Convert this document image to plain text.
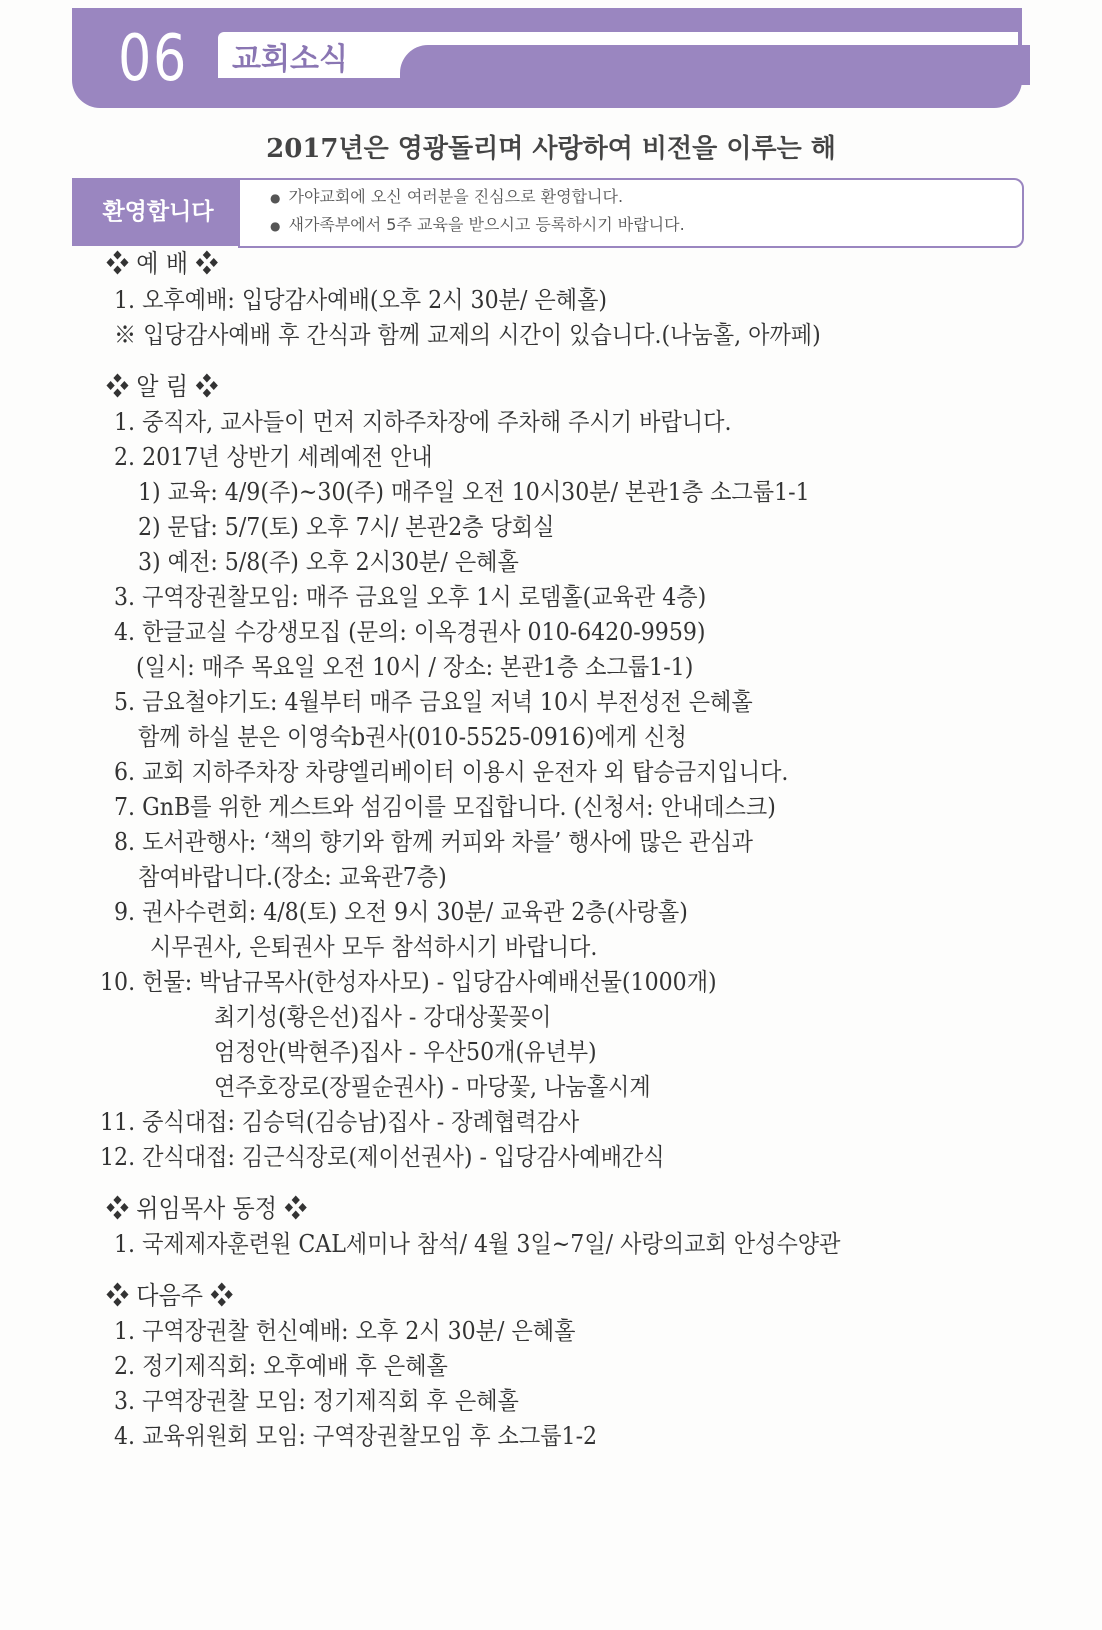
06 교회소식
2017년은 영광돌리며 사랑하여 비전을 이루는 해
환영합니다
● 가야교회에 오신 여러분을 진심으로 환영합니다.
● 새가족부에서 5주 교육을 받으시고 등록하시기 바랍니다.
❖ 예 배 ❖
1. 오후예배: 입당감사예배(오후 2시 30분/ 은혜홀)
※ 입당감사예배 후 간식과 함께 교제의 시간이 있습니다.(나눔홀, 아까페)
❖ 알 림 ❖
1. 중직자, 교사들이 먼저 지하주차장에 주차해 주시기 바랍니다.
2. 2017년 상반기 세례예전 안내
1) 교육: 4/9(주)~30(주) 매주일 오전 10시30분/ 본관1층 소그룹1-1
2) 문답: 5/7(토) 오후 7시/ 본관2층 당회실
3) 예전: 5/8(주) 오후 2시30분/ 은혜홀
3. 구역장권찰모임: 매주 금요일 오후 1시 로뎀홀(교육관 4층)
4. 한글교실 수강생모집 (문의: 이옥경권사 010-6420-9959)
(일시: 매주 목요일 오전 10시 / 장소: 본관1층 소그룹1-1)
5. 금요철야기도: 4월부터 매주 금요일 저녁 10시 부전성전 은혜홀
함께 하실 분은 이영숙b권사(010-5525-0916)에게 신청
6. 교회 지하주차장 차량엘리베이터 이용시 운전자 외 탑승금지입니다.
7. GnB를 위한 게스트와 섬김이를 모집합니다. (신청서: 안내데스크)
8. 도서관행사: ‘책의 향기와 함께 커피와 차를’ 행사에 많은 관심과
참여바랍니다.(장소: 교육관7층)
9. 권사수련회: 4/8(토) 오전 9시 30분/ 교육관 2층(사랑홀)
시무권사, 은퇴권사 모두 참석하시기 바랍니다.
10. 헌물: 박남규목사(한성자사모) - 입당감사예배선물(1000개)
최기성(황은선)집사 - 강대상꽃꽂이
엄정안(박현주)집사 - 우산50개(유년부)
연주호장로(장필순권사) - 마당꽃, 나눔홀시계
11. 중식대접: 김승덕(김승남)집사 - 장례협력감사
12. 간식대접: 김근식장로(제이선권사) - 입당감사예배간식
❖ 위임목사 동정 ❖
1. 국제제자훈련원 CAL세미나 참석/ 4월 3일~7일/ 사랑의교회 안성수양관
❖ 다음주 ❖
1. 구역장권찰 헌신예배: 오후 2시 30분/ 은혜홀
2. 정기제직회: 오후예배 후 은혜홀
3. 구역장권찰 모임: 정기제직회 후 은혜홀
4. 교육위원회 모임: 구역장권찰모임 후 소그룹1-2
